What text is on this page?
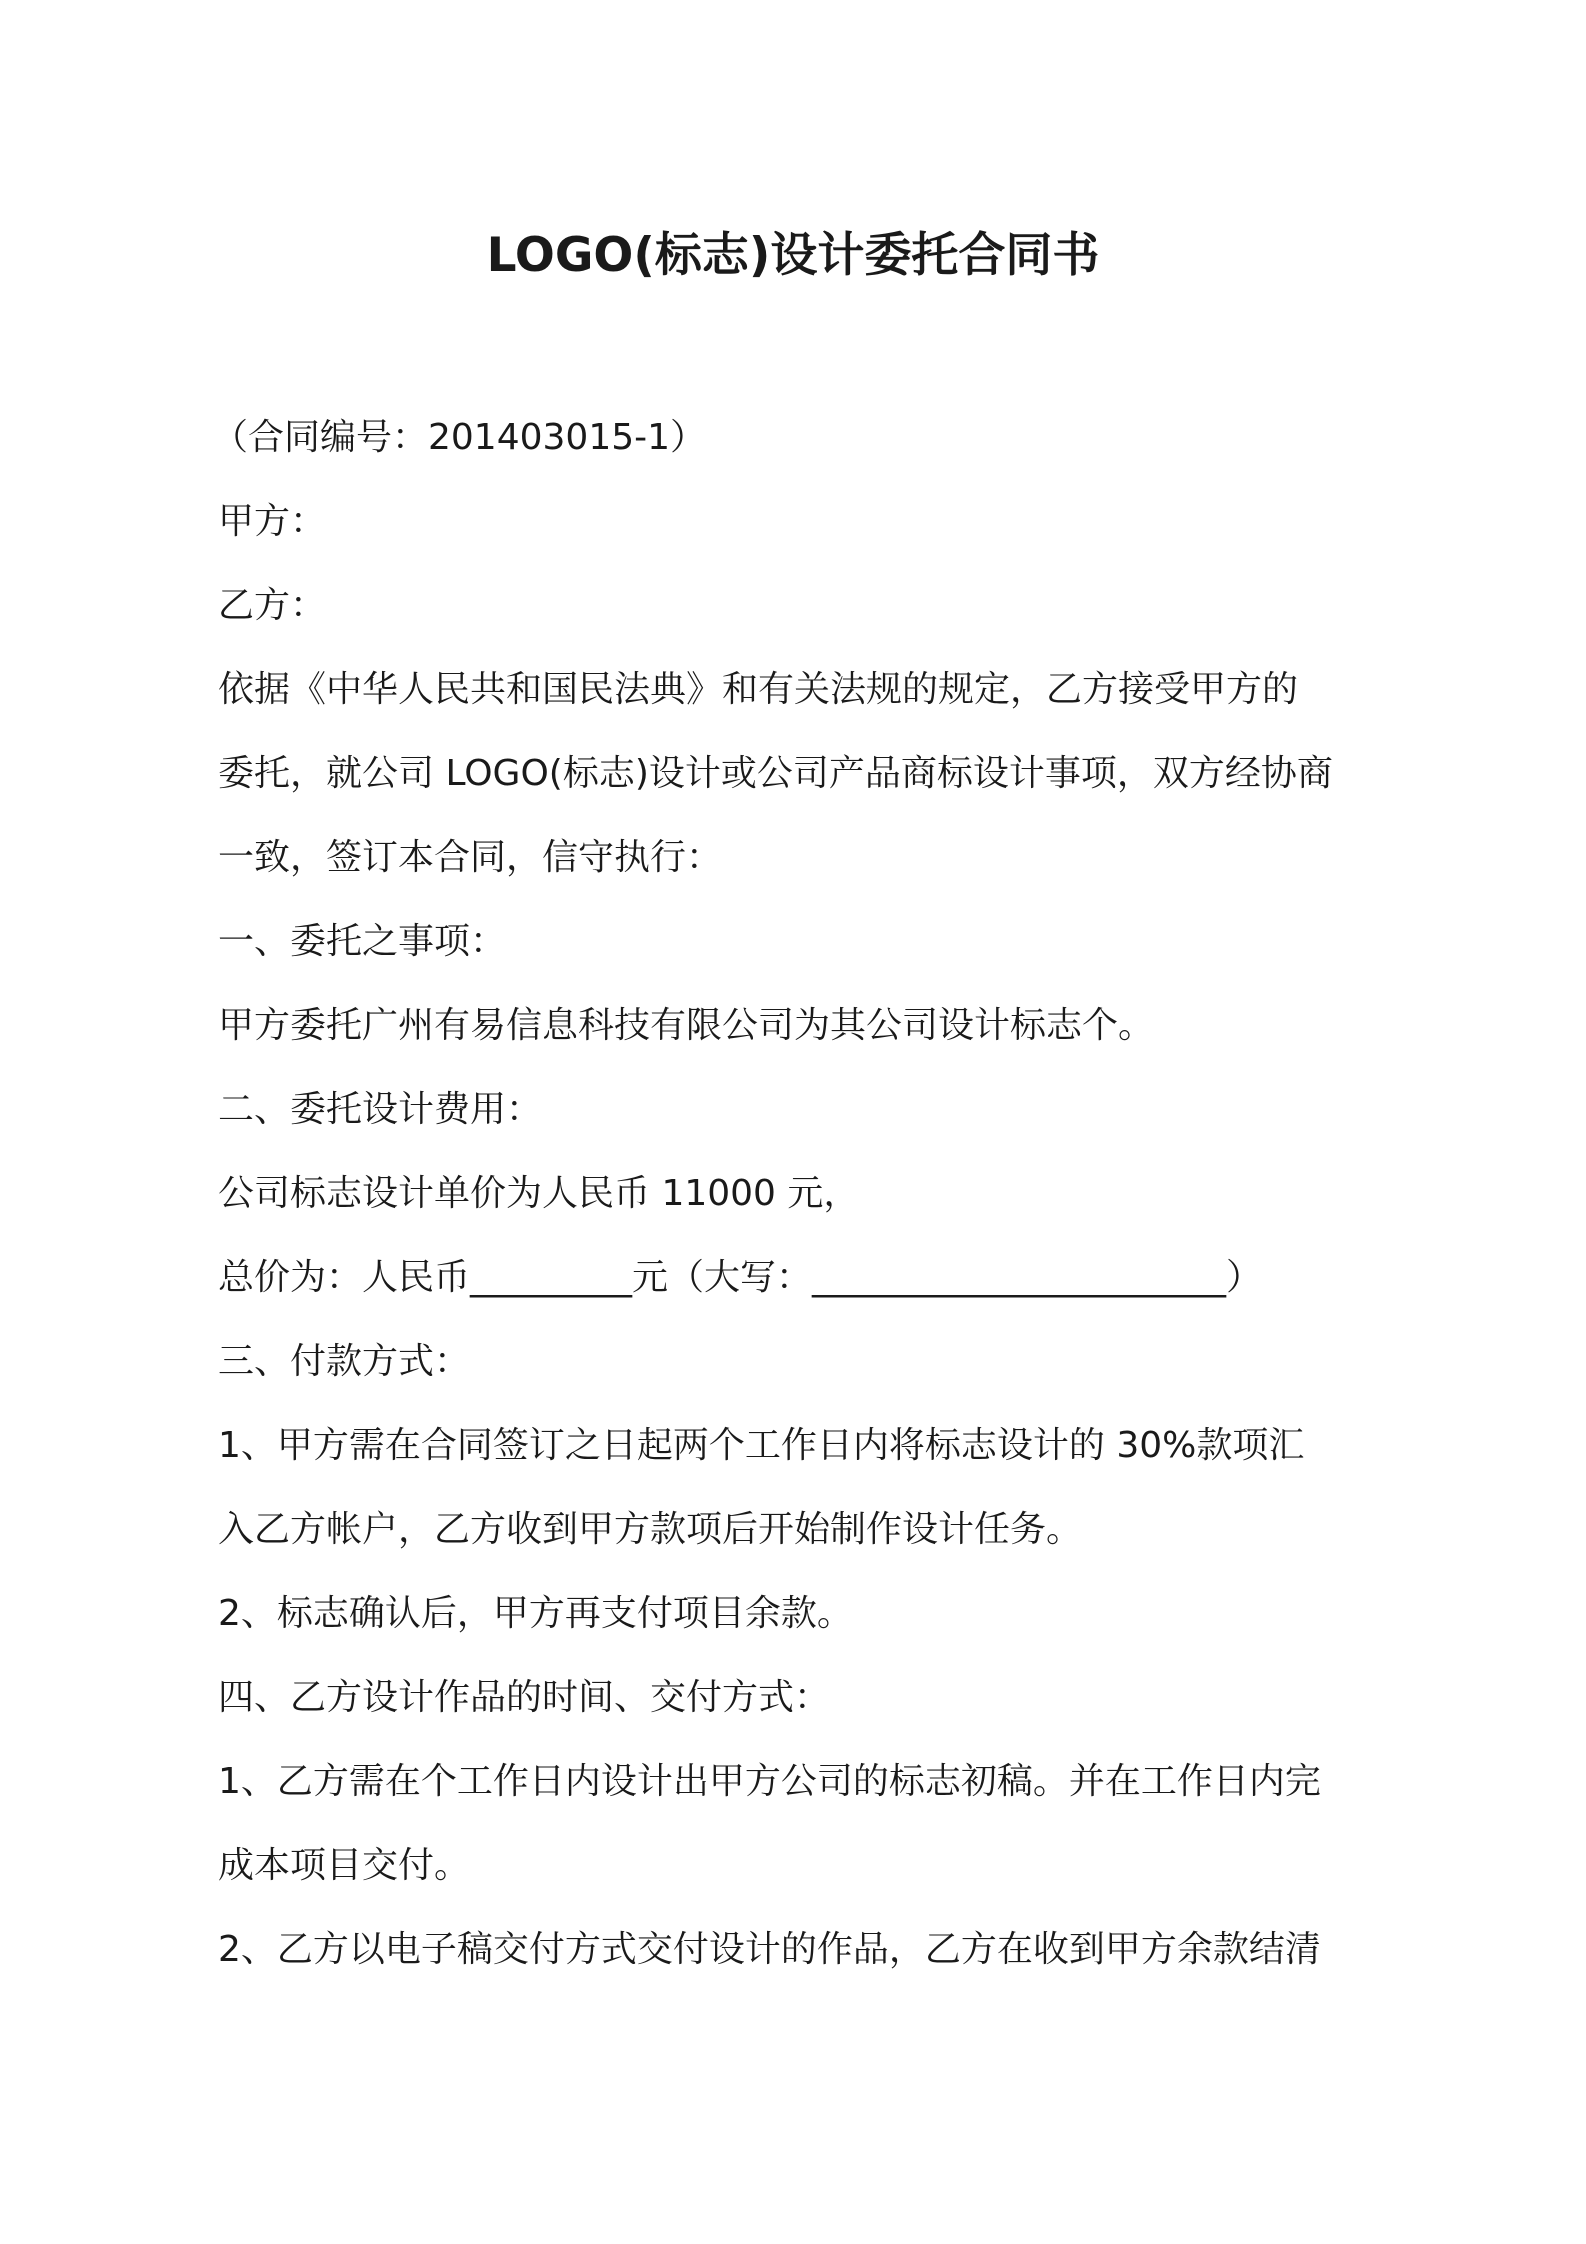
LOGO(标志)设计委托合同书
（合同编号：201403015-1）
甲方：
乙方：
依据《中华人民共和国民法典》和有关法规的规定，乙方接受甲方的
委托，就公司 LOGO(标志)设计或公司产品商标设计事项，双方经协商
一致，签订本合同，信守执行：
一、委托之事项：
甲方委托广州有易信息科技有限公司为其公司设计标志个。
二、委托设计费用：
公司标志设计单价为人民币 11000 元，
总价为：人民币_________元（大写：_______________________）
三、付款方式：
1、甲方需在合同签订之日起两个工作日内将标志设计的 30%款项汇
入乙方帐户，乙方收到甲方款项后开始制作设计任务。
2、标志确认后，甲方再支付项目余款。
四、乙方设计作品的时间、交付方式：
1、乙方需在个工作日内设计出甲方公司的标志初稿。并在工作日内完
成本项目交付。
2、乙方以电子稿交付方式交付设计的作品，乙方在收到甲方余款结清
